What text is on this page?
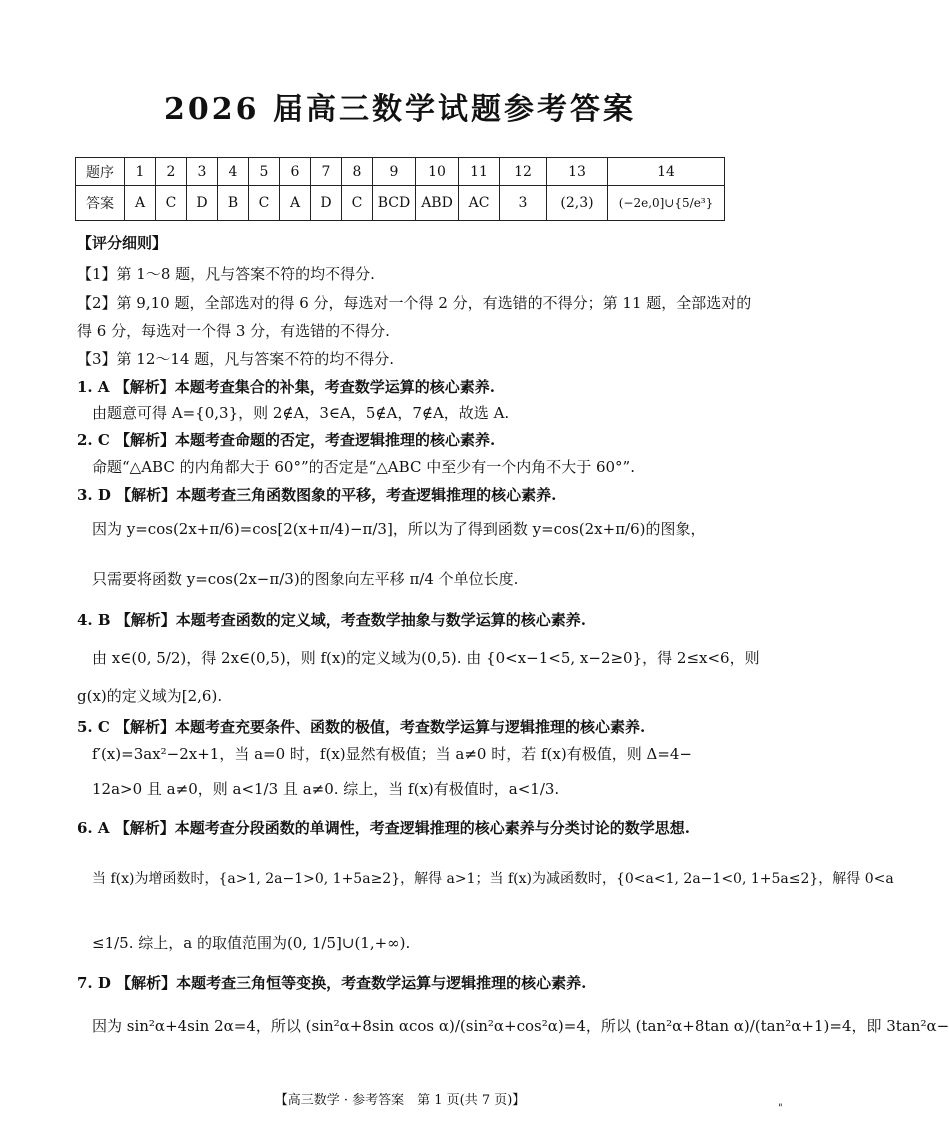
2026 届高三数学试题参考答案
题序	1	2	3	4	5	6	7	8	9	10	11	12	13	14
答案	A	C	D	B	C	A	D	C	BCD	ABD	AC	3	(2,3)	(−2e,0]∪{5/e³}
【评分细则】
【1】第 1～8 题，凡与答案不符的均不得分.
【2】第 9,10 题，全部选对的得 6 分，每选对一个得 2 分，有选错的不得分；第 11 题，全部选对的
得 6 分，每选对一个得 3 分，有选错的不得分.
【3】第 12～14 题，凡与答案不符的均不得分.
1. A 【解析】本题考查集合的补集，考查数学运算的核心素养.
由题意可得 A={0,3}，则 2∉A，3∈A，5∉A，7∉A，故选 A.
2. C 【解析】本题考查命题的否定，考查逻辑推理的核心素养.
命题“△ABC 的内角都大于 60°”的否定是“△ABC 中至少有一个内角不大于 60°”.
3. D 【解析】本题考查三角函数图象的平移，考查逻辑推理的核心素养.
因为 y=cos(2x+π/6)=cos[2(x+π/4)−π/3]，所以为了得到函数 y=cos(2x+π/6)的图象，
只需要将函数 y=cos(2x−π/3)的图象向左平移 π/4 个单位长度.
4. B 【解析】本题考查函数的定义域，考查数学抽象与数学运算的核心素养.
由 x∈(0, 5/2)，得 2x∈(0,5)，则 f(x)的定义域为(0,5). 由 {0<x−1<5, x−2≥0}，得 2≤x<6，则
g(x)的定义域为[2,6).
5. C 【解析】本题考查充要条件、函数的极值，考查数学运算与逻辑推理的核心素养.
f′(x)=3ax²−2x+1，当 a=0 时，f(x)显然有极值；当 a≠0 时，若 f(x)有极值，则 Δ=4−
12a>0 且 a≠0，则 a<1/3 且 a≠0. 综上，当 f(x)有极值时，a<1/3.
6. A 【解析】本题考查分段函数的单调性，考查逻辑推理的核心素养与分类讨论的数学思想.
当 f(x)为增函数时，{a>1, 2a−1>0, 1+5a≥2}，解得 a>1；当 f(x)为减函数时，{0<a<1, 2a−1<0, 1+5a≤2}，解得 0<a
≤1/5. 综上，a 的取值范围为(0, 1/5]∪(1,+∞).
7. D 【解析】本题考查三角恒等变换，考查数学运算与逻辑推理的核心素养.
因为 sin²α+4sin 2α=4，所以 (sin²α+8sin αcos α)/(sin²α+cos²α)=4，所以 (tan²α+8tan α)/(tan²α+1)=4，即 3tan²α−
【高三数学 · 参考答案　第 1 页(共 7 页)】
"
